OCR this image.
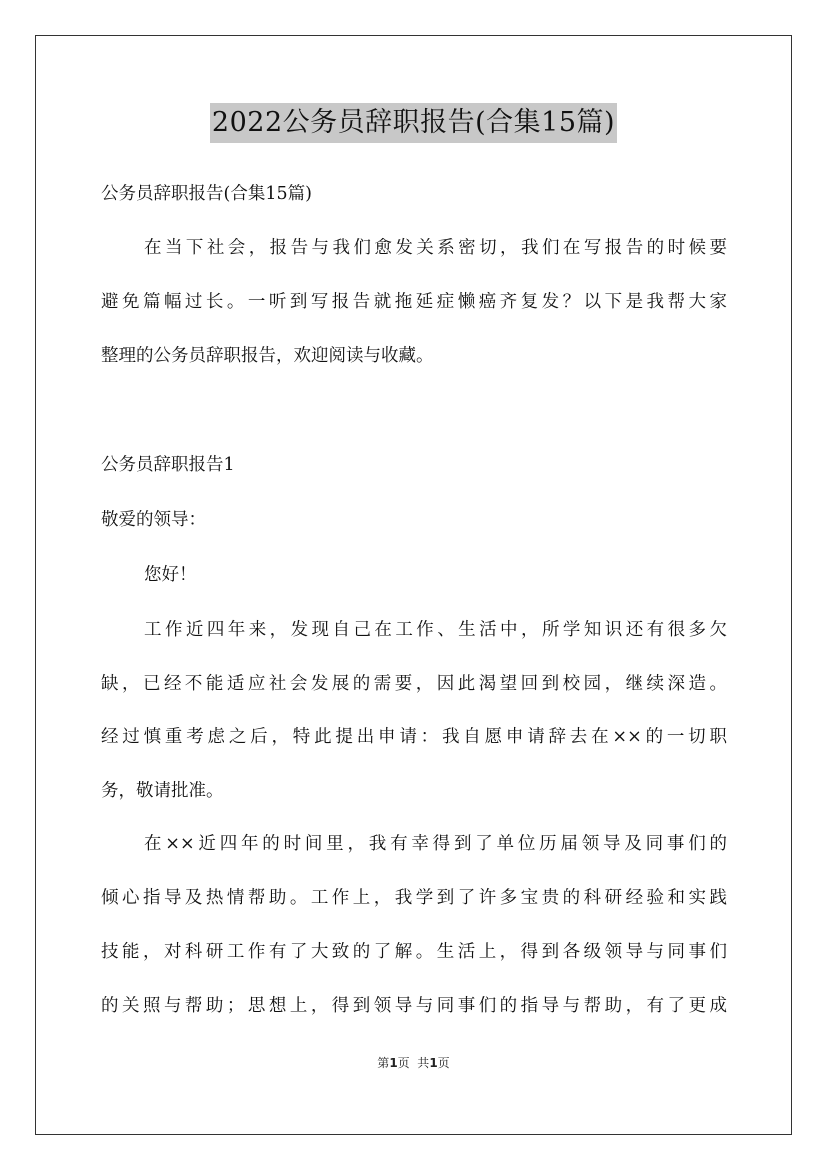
2022公务员辞职报告(合集15篇)
公务员辞职报告(合集15篇)
在当下社会，报告与我们愈发关系密切，我们在写报告的时候要
避免篇幅过长。一听到写报告就拖延症懒癌齐复发？以下是我帮大家
整理的公务员辞职报告，欢迎阅读与收藏。
公务员辞职报告1
敬爱的领导：
您好！
工作近四年来，发现自己在工作、生活中，所学知识还有很多欠
缺，已经不能适应社会发展的需要，因此渴望回到校园，继续深造。
经过慎重考虑之后，特此提出申请：我自愿申请辞去在××的一切职
务，敬请批准。
在××近四年的时间里，我有幸得到了单位历届领导及同事们的
倾心指导及热情帮助。工作上，我学到了许多宝贵的科研经验和实践
技能，对科研工作有了大致的了解。生活上，得到各级领导与同事们
的关照与帮助；思想上，得到领导与同事们的指导与帮助，有了更成
第1页  共1页
